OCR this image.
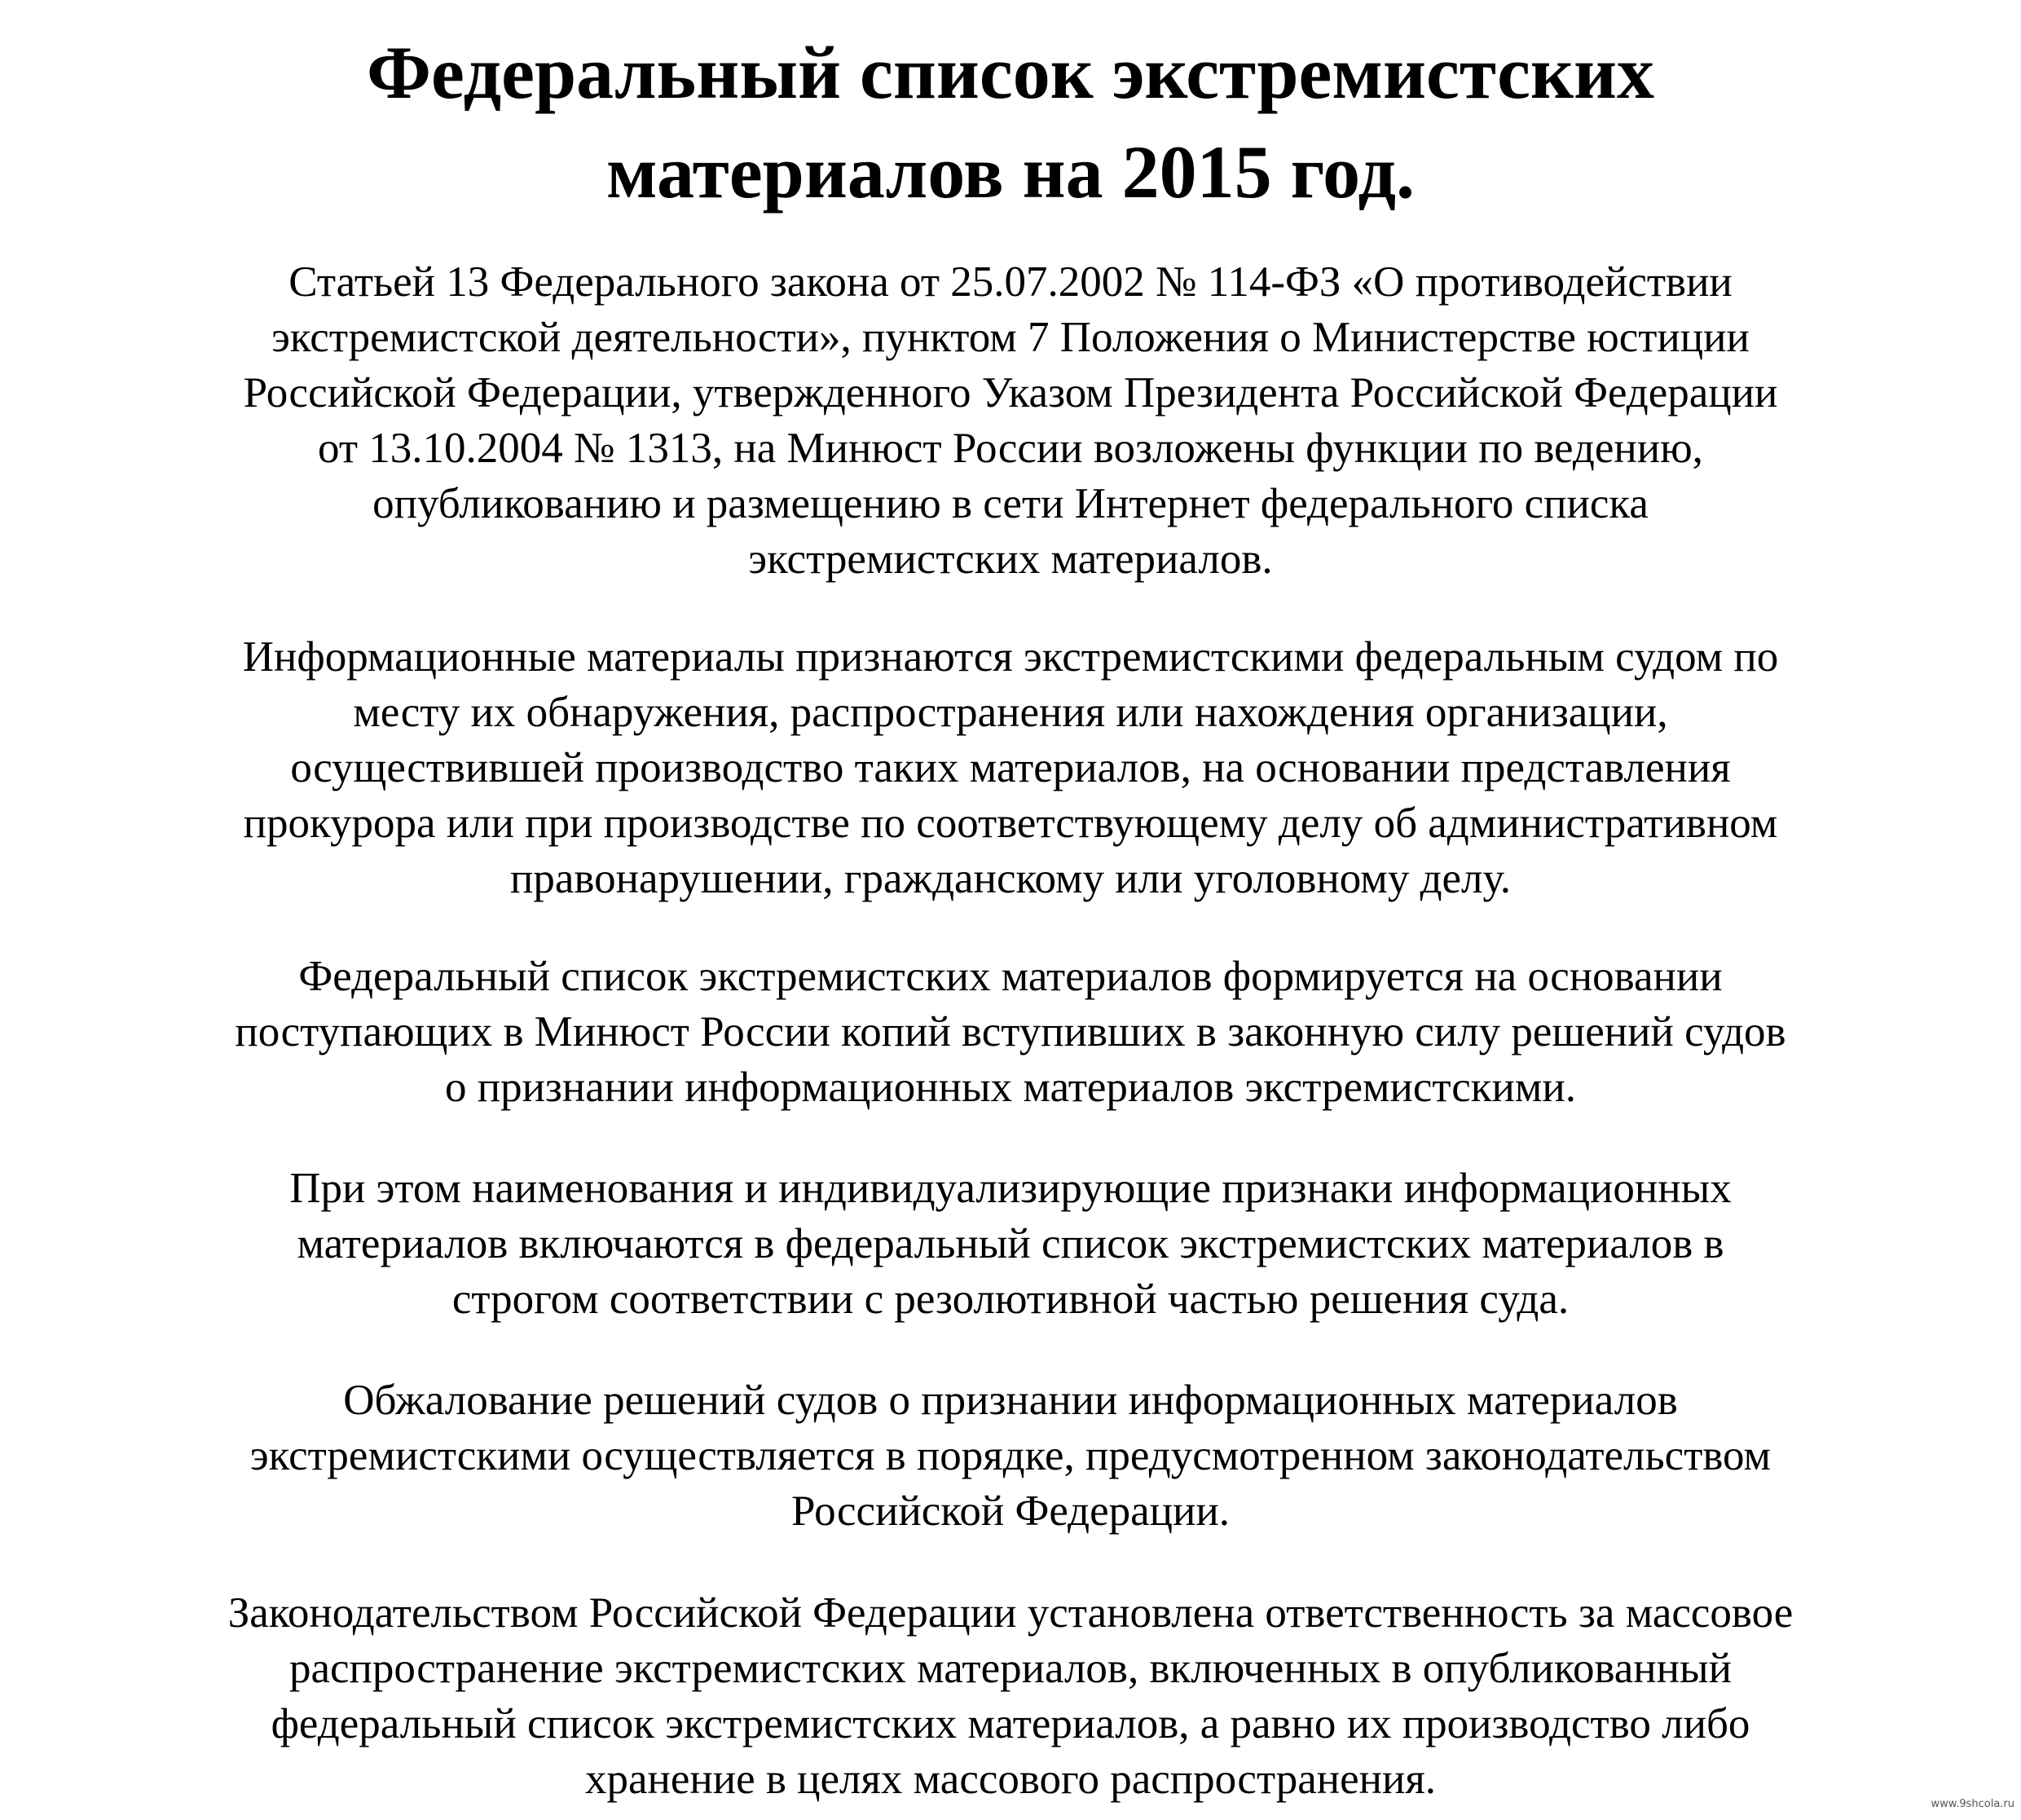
Федеральный список экстремистских
материалов на 2015 год.

Статьей 13 Федерального закона от 25.07.2002 № 114-ФЗ «О противодействии
экстремистской деятельности», пунктом 7 Положения о Министерстве юстиции
Российской Федерации, утвержденного Указом Президента Российской Федерации
от 13.10.2004 № 1313, на Минюст России возложены функции по ведению,
опубликованию и размещению в сети Интернет федерального списка
экстремистских материалов.

Информационные материалы признаются экстремистскими федеральным судом по
месту их обнаружения, распространения или нахождения организации,
осуществившей производство таких материалов, на основании представления
прокурора или при производстве по соответствующему делу об административном
правонарушении, гражданскому или уголовному делу.

Федеральный список экстремистских материалов формируется на основании
поступающих в Минюст России копий вступивших в законную силу решений судов
о признании информационных материалов экстремистскими.

При этом наименования и индивидуализирующие признаки информационных
материалов включаются в федеральный список экстремистских материалов в
строгом соответствии с резолютивной частью решения суда.

Обжалование решений судов о признании информационных материалов
экстремистскими осуществляется в порядке, предусмотренном законодательством
Российской Федерации.

Законодательством Российской Федерации установлена ответственность за массовое
распространение экстремистских материалов, включенных в опубликованный
федеральный список экстремистских материалов, а равно их производство либо
хранение в целях массового распространения.

www.9shcola.ru
